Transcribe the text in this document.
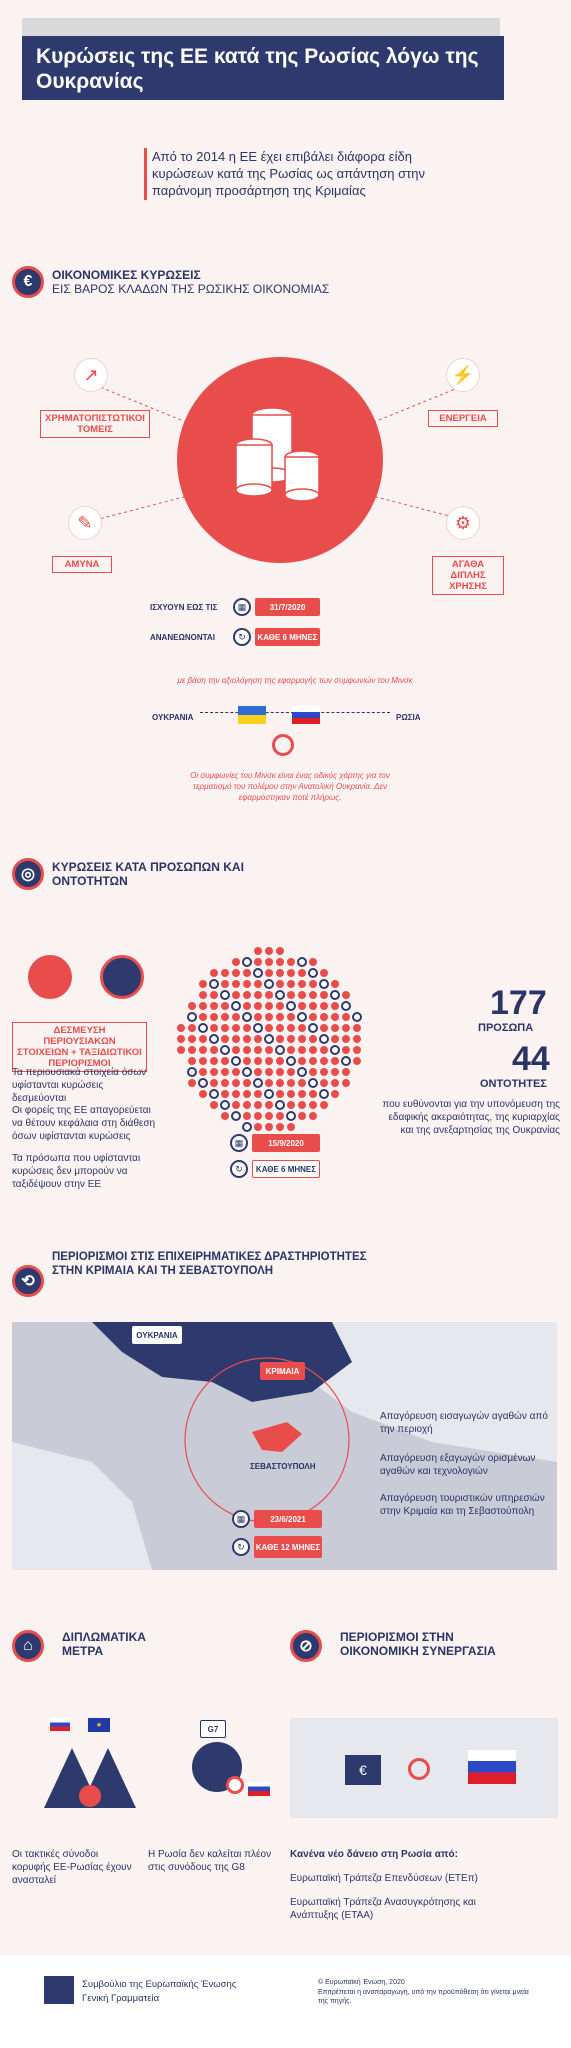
Κυρώσεις της ΕΕ κατά της Ρωσίας λόγω της Ουκρανίας
Από το 2014 η ΕΕ έχει επιβάλει διάφορα είδη κυρώσεων κατά της Ρωσίας ως απάντηση στην παράνομη προσάρτηση της Κριμαίας
€	ΟΙΚΟΝΟΜΙΚΕΣ ΚΥΡΩΣΕΙΣ
ΕΙΣ ΒΑΡΟΣ ΚΛΑΔΩΝ ΤΗΣ ΡΩΣΙΚΗΣ ΟΙΚΟΝΟΜΙΑΣ
↗
ΧΡΗΜΑΤΟΠΙΣΤΩΤΙΚΟΙ ΤΟΜΕΙΣ
⚡
ΕΝΕΡΓΕΙΑ
✎
ΑΜΥΝΑ
⚙
ΑΓΑΘΑ ΔΙΠΛΗΣ ΧΡΗΣΗΣ
ΙΣΧΥΟΥΝ ΕΩΣ ΤΙΣ	▦	31/7/2020
ΑΝΑΝΕΩΝΟΝΤΑΙ	↻	ΚΑΘΕ 6 ΜΗΝΕΣ
με βάση την αξιολόγηση της εφαρμογής των συμφωνιών του Μινσκ
ΟΥΚΡΑΝΙΑ	ΡΩΣΙΑ
Οι συμφωνίες του Μινσκ είναι ένας οδικός χάρτης για τον τερματισμό του πολέμου στην Ανατολική Ουκρανία. Δεν εφαρμόστηκαν ποτέ πλήρως.
◎	ΚΥΡΩΣΕΙΣ ΚΑΤΑ ΠΡΟΣΩΠΩΝ ΚΑΙ ΟΝΤΟΤΗΤΩΝ
ΔΕΣΜΕΥΣΗ ΠΕΡΙΟΥΣΙΑΚΩΝ ΣΤΟΙΧΕΙΩΝ + ΤΑΞΙΔΙΩΤΙΚΟΙ ΠΕΡΙΟΡΙΣΜΟΙ
Τα περιουσιακά στοιχεία όσων υφίστανται κυρώσεις δεσμεύονται
Οι φορείς της ΕΕ απαγορεύεται να θέτουν κεφάλαια στη διάθεση όσων υφίστανται κυρώσεις
Τα πρόσωπα που υφίστανται κυρώσεις δεν μπορούν να ταξιδέψουν στην ΕΕ
▦	15/9/2020
↻	ΚΑΘΕ 6 ΜΗΝΕΣ
177
ΠΡΟΣΩΠΑ
44
ΟΝΤΟΤΗΤΕΣ
που ευθύνονται για την υπονόμευση της εδαφικής ακεραιότητας, της κυριαρχίας και της ανεξαρτησίας της Ουκρανίας
⟲
ΠΕΡΙΟΡΙΣΜΟΙ ΣΤΙΣ ΕΠΙΧΕΙΡΗΜΑΤΙΚΕΣ ΔΡΑΣΤΗΡΙΟΤΗΤΕΣ ΣΤΗΝ ΚΡΙΜΑΙΑ ΚΑΙ ΤΗ ΣΕΒΑΣΤΟΥΠΟΛΗ
ΟΥΚΡΑΝΙΑ
ΚΡΙΜΑΙΑ
ΣΕΒΑΣΤΟΥΠΟΛΗ
Απαγόρευση εισαγωγών αγαθών από την περιοχή
Απαγόρευση εξαγωγών ορισμένων αγαθών και τεχνολογιών
Απαγόρευση τουριστικών υπηρεσιών στην Κριμαία και τη Σεβαστούπολη
▦	23/6/2021
↻	ΚΑΘΕ 12 ΜΗΝΕΣ
⌂	ΔΙΠΛΩΜΑΤΙΚΑ ΜΕΤΡΑ	⊘
ΠΕΡΙΟΡΙΣΜΟΙ ΣΤΗΝ ΟΙΚΟΝΟΜΙΚΗ ΣΥΝΕΡΓΑΣΙΑ
★
Οι τακτικές σύνοδοι κορυφής ΕΕ-Ρωσίας έχουν ανασταλεί
G7
Η Ρωσία δεν καλείται πλέον στις συνόδους της G8
€
Κανένα νέο δάνειο στη Ρωσία από:
Ευρωπαϊκή Τράπεζα Επενδύσεων (ΕΤΕπ)
Ευρωπαϊκή Τράπεζα Ανασυγκρότησης και Ανάπτυξης (ΕΤΑΑ)
Συμβούλιο της Ευρωπαϊκής Ένωσης
Γενική Γραμματεία
© Ευρωπαϊκή Ένωση, 2020
Επιτρέπεται η αναπαραγωγή, υπό την προϋπόθεση ότι γίνεται μνεία της πηγής.
